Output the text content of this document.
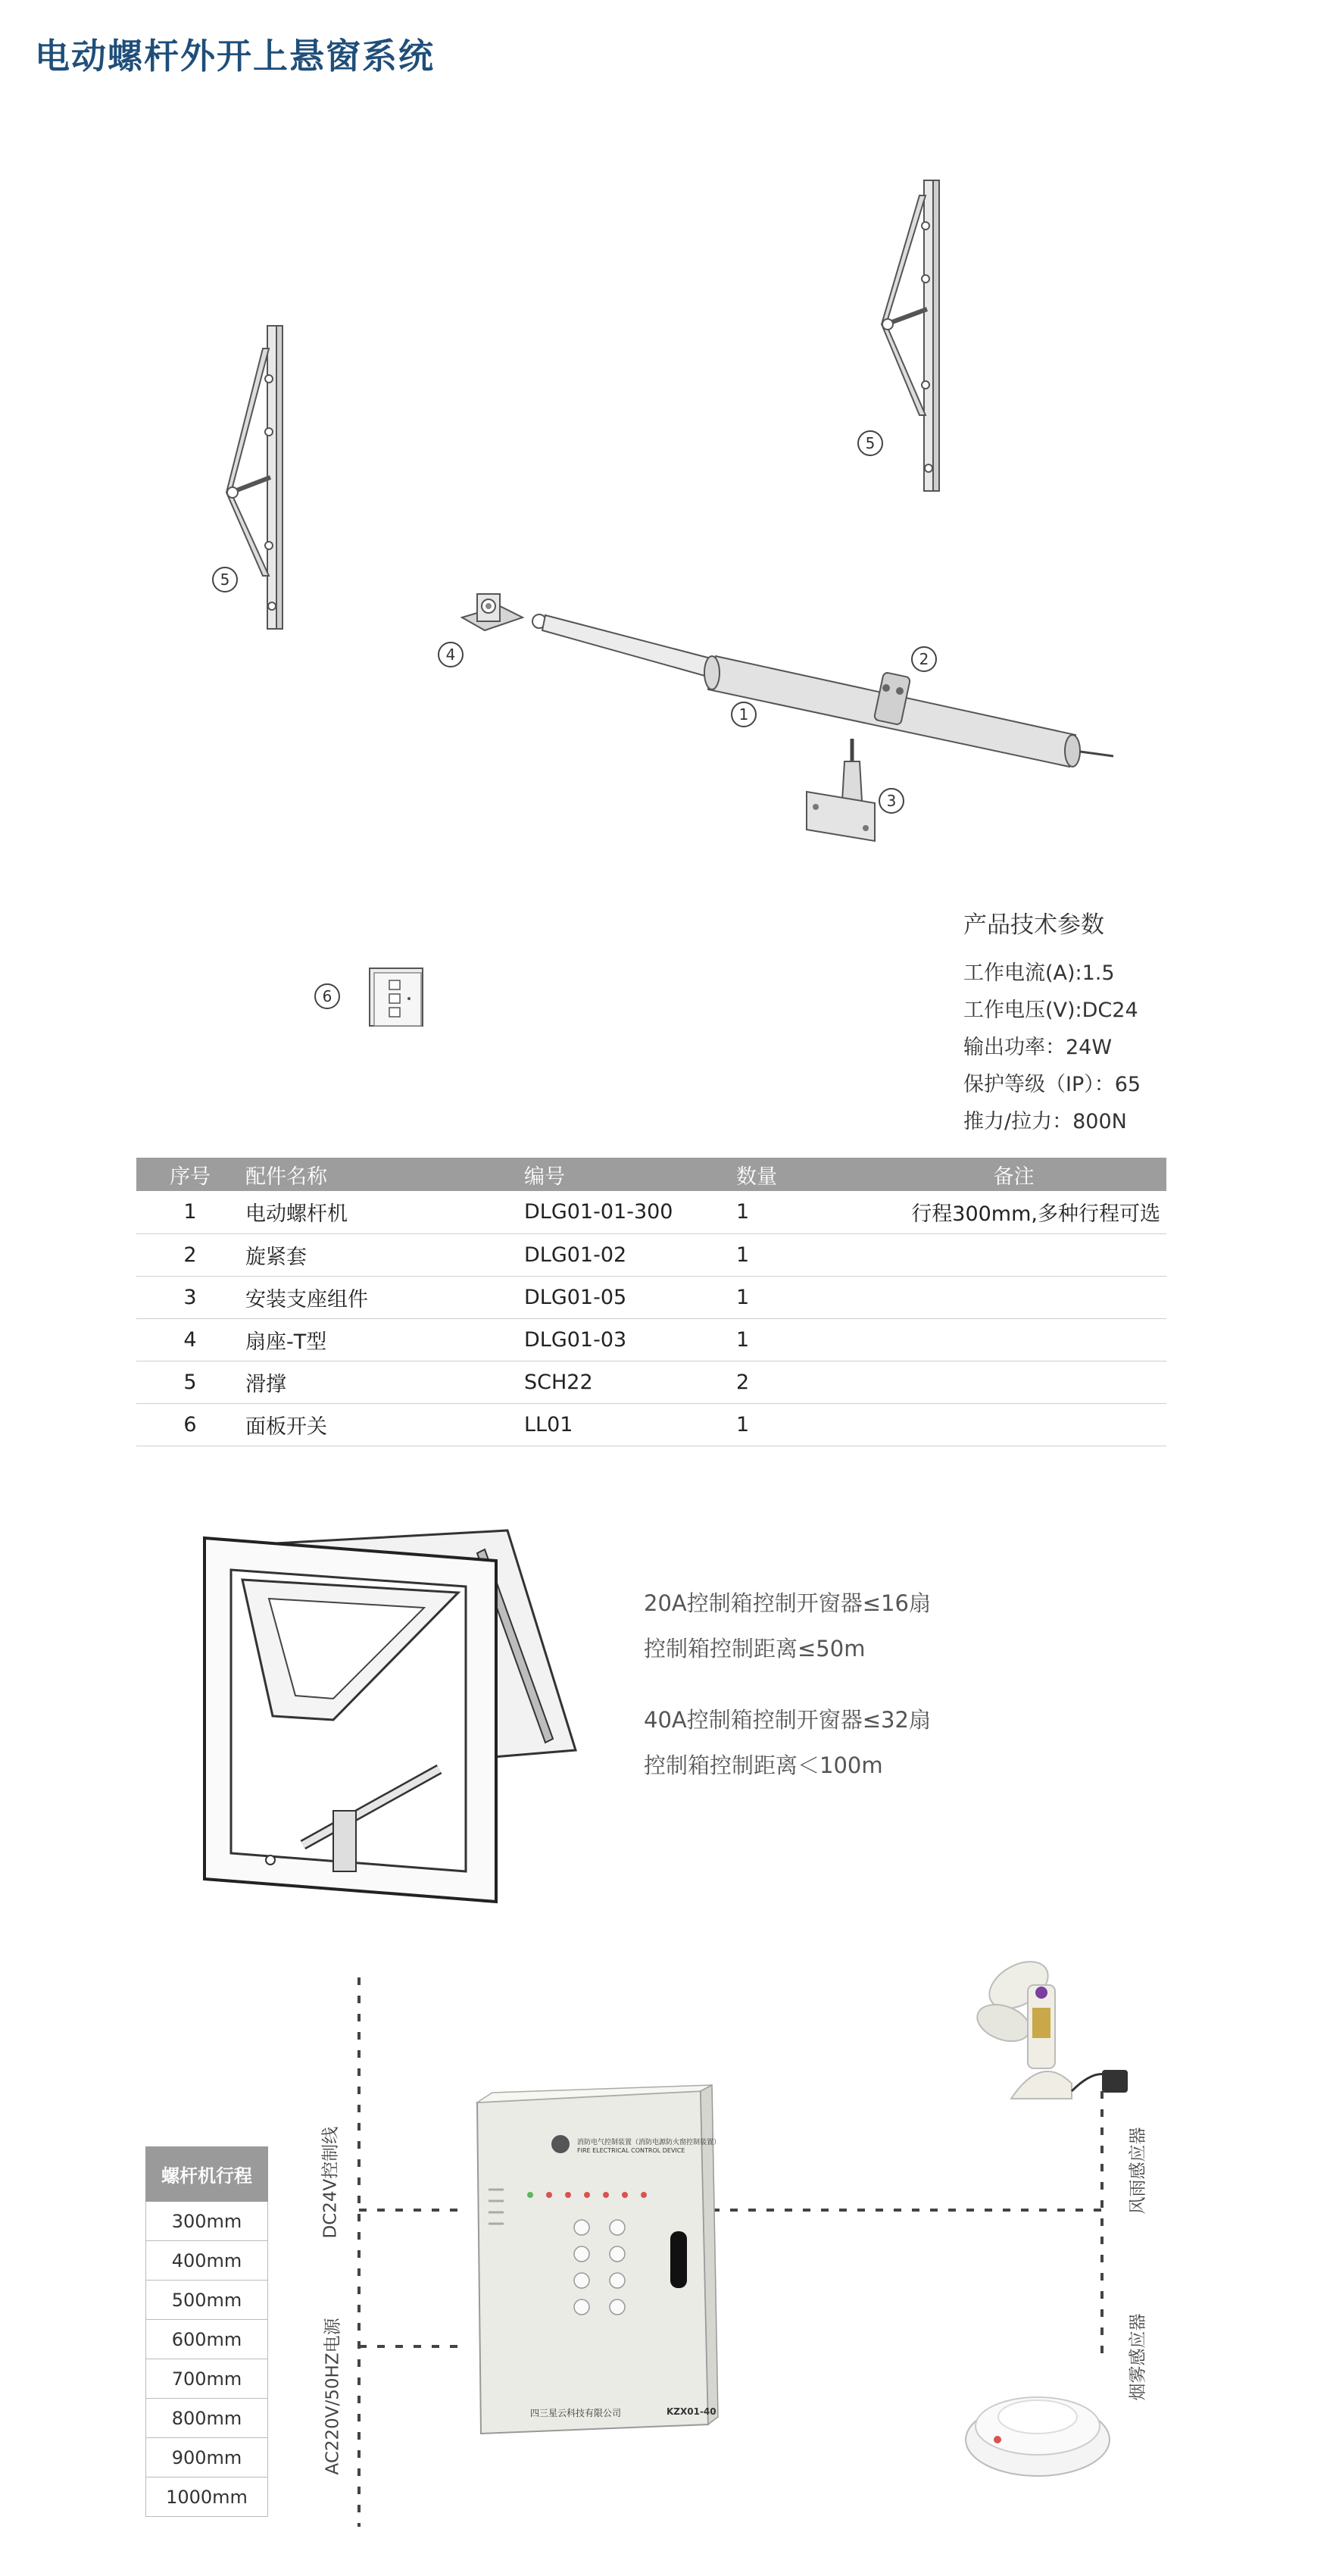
电动螺杆外开上悬窗系统
5
5
4
1
2
3
6
产品技术参数
工作电流(A):1.5
工作电压(V):DC24
输出功率：24W
保护等级（IP）：65
推力/拉力：800N
序号	配件名称	编号	数量	备注
1	电动螺杆机	DLG01-01-300	1	行程300mm,多种行程可选
2	旋紧套	DLG01-02	1	
3	安装支座组件	DLG01-05	1	
4	扇座-T型	DLG01-03	1	
5	滑撑	SCH22	2	
6	面板开关	LL01	1	
20A控制箱控制开窗器≤16扇
控制箱控制距离≤50m
40A控制箱控制开窗器≤32扇
控制箱控制距离＜100m
DC24V控制线
AC220V/50HZ电源
风雨感应器
烟雾感应器
消防电气控制装置（消防电源防火窗控制装置）
FIRE ELECTRICAL CONTROL DEVICE
四三星云科技有限公司	KZX01-40
螺杆机行程
300mm
400mm
500mm
600mm
700mm
800mm
900mm
1000mm
